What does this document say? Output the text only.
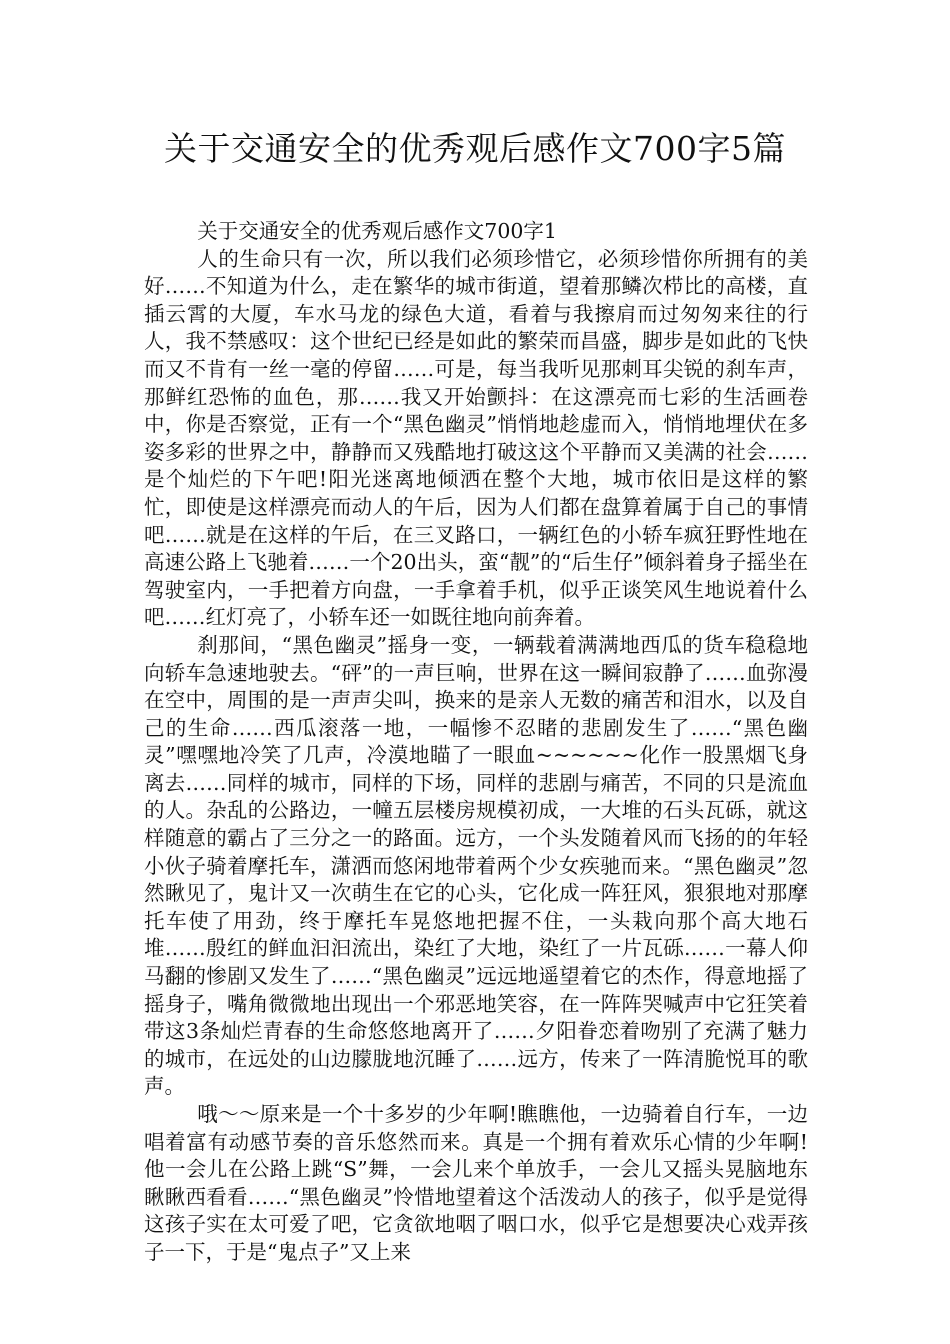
关于交通安全的优秀观后感作文700字5篇
关于交通安全的优秀观后感作文700字1

人的生命只有一次，所以我们必须珍惜它，必须珍惜你所拥有的美好……不知道为什么，走在繁华的城市街道，望着那鳞次栉比的高楼，直插云霄的大厦，车水马龙的绿色大道，看着与我擦肩而过匆匆来往的行人，我不禁感叹：这个世纪已经是如此的繁荣而昌盛，脚步是如此的飞快而又不肯有一丝一毫的停留……可是，每当我听见那刺耳尖锐的刹车声，那鲜红恐怖的血色，那……我又开始颤抖：在这漂亮而七彩的生活画卷中，你是否察觉，正有一个“黑色幽灵”悄悄地趁虚而入，悄悄地埋伏在多姿多彩的世界之中，静静而又残酷地打破这这个平静而又美满的社会……是个灿烂的下午吧!阳光迷离地倾洒在整个大地，城市依旧是这样的繁忙，即使是这样漂亮而动人的午后，因为人们都在盘算着属于自己的事情吧……就是在这样的午后，在三叉路口，一辆红色的小轿车疯狂野性地在高速公路上飞驰着……一个20出头，蛮“靓”的“后生仔”倾斜着身子摇坐在驾驶室内，一手把着方向盘，一手拿着手机，似乎正谈笑风生地说着什么吧……红灯亮了，小轿车还一如既往地向前奔着。

刹那间，“黑色幽灵”摇身一变，一辆载着满满地西瓜的货车稳稳地向轿车急速地驶去。“砰”的一声巨响，世界在这一瞬间寂静了……血弥漫在空中，周围的是一声声尖叫，换来的是亲人无数的痛苦和泪水，以及自己的生命……西瓜滚落一地，一幅惨不忍睹的悲剧发生了……“黑色幽灵”嘿嘿地冷笑了几声，冷漠地瞄了一眼血~~~~~~化作一股黑烟飞身离去……同样的城市，同样的下场，同样的悲剧与痛苦，不同的只是流血的人。杂乱的公路边，一幢五层楼房规模初成，一大堆的石头瓦砾，就这样随意的霸占了三分之一的路面。远方，一个头发随着风而飞扬的的年轻小伙子骑着摩托车，潇洒而悠闲地带着两个少女疾驰而来。“黑色幽灵”忽然瞅见了，鬼计又一次萌生在它的心头，它化成一阵狂风，狠狠地对那摩托车使了用劲，终于摩托车晃悠地把握不住，一头栽向那个高大地石堆……殷红的鲜血汩汩流出，染红了大地，染红了一片瓦砾……一幕人仰马翻的惨剧又发生了……“黑色幽灵”远远地遥望着它的杰作，得意地摇了摇身子，嘴角微微地出现出一个邪恶地笑容，在一阵阵哭喊声中它狂笑着带这3条灿烂青春的生命悠悠地离开了……夕阳眷恋着吻别了充满了魅力的城市，在远处的山边朦胧地沉睡了……远方，传来了一阵清脆悦耳的歌声。

哦～～原来是一个十多岁的少年啊!瞧瞧他，一边骑着自行车，一边唱着富有动感节奏的音乐悠然而来。真是一个拥有着欢乐心情的少年啊!他一会儿在公路上跳“S”舞，一会儿来个单放手，一会儿又摇头晃脑地东瞅瞅西看看……“黑色幽灵”怜惜地望着这个活泼动人的孩子，似乎是觉得这孩子实在太可爱了吧，它贪欲地咽了咽口水，似乎它是想要决心戏弄孩子一下，于是“鬼点子”又上来
